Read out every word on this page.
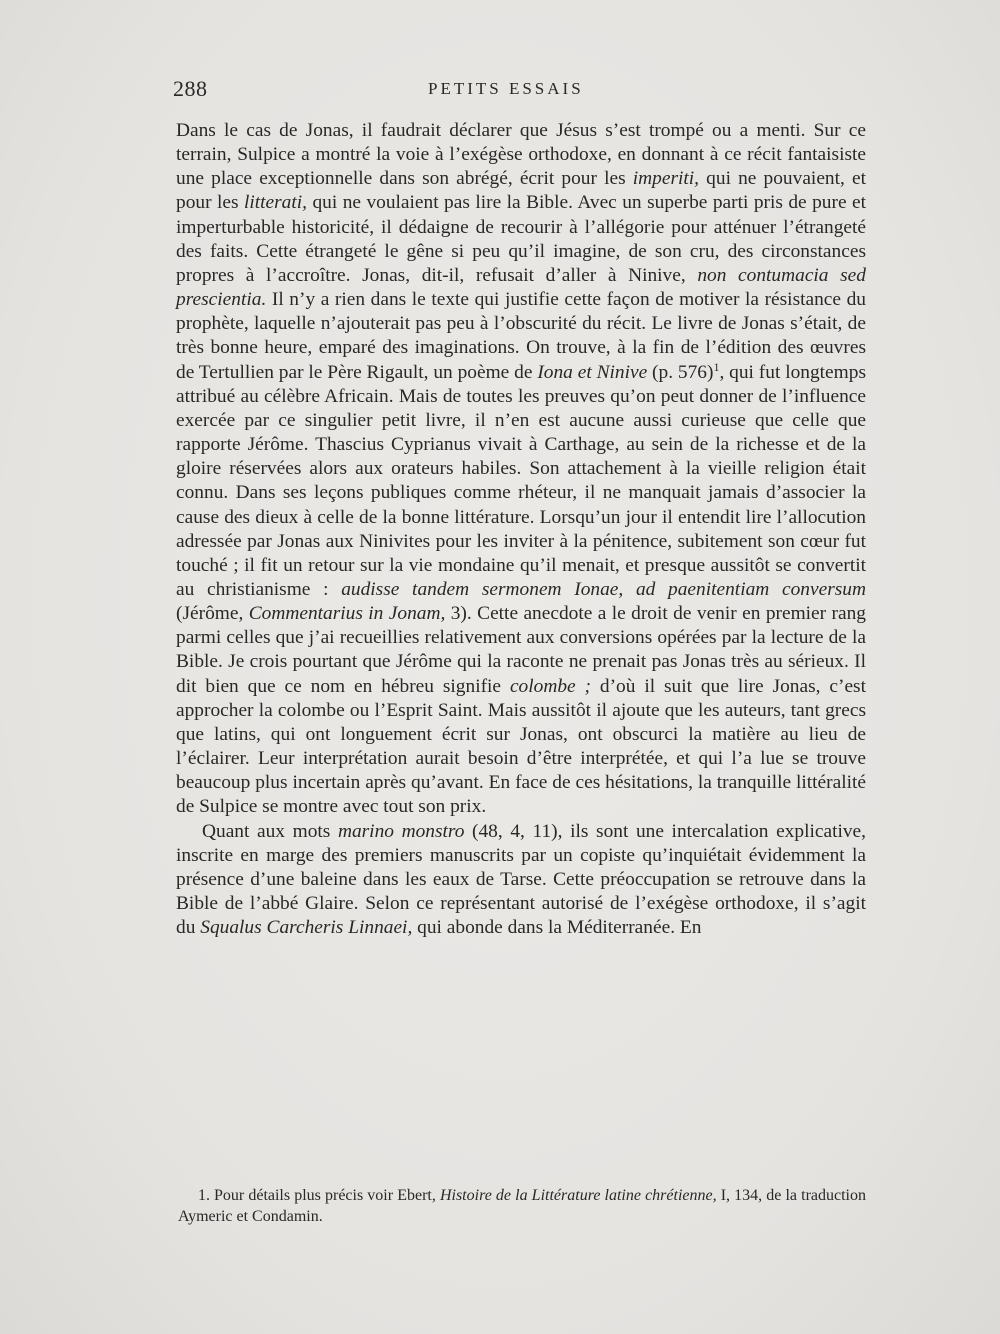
288	PETITS ESSAIS

Dans le cas de Jonas, il faudrait déclarer que Jésus s’est trompé ou a menti. Sur ce terrain, Sulpice a montré la voie à l’exégèse orthodoxe, en donnant à ce récit fantaisiste une place exceptionnelle dans son abrégé, écrit pour les imperiti, qui ne pouvaient, et pour les litterati, qui ne voulaient pas lire la Bible. Avec un superbe parti pris de pure et imperturbable historicité, il dédaigne de recourir à l’allégorie pour atténuer l’étrangeté des faits. Cette étrangeté le gêne si peu qu’il imagine, de son cru, des circonstances propres à l’accroître. Jonas, dit-il, refusait d’aller à Ninive, non contumacia sed prescientia. Il n’y a rien dans le texte qui justifie cette façon de motiver la résistance du prophète, laquelle n’ajouterait pas peu à l’obscurité du récit. Le livre de Jonas s’était, de très bonne heure, emparé des imaginations. On trouve, à la fin de l’édition des œuvres de Tertullien par le Père Rigault, un poème de Iona et Ninive (p. 576)$^1$, qui fut longtemps attribué au célèbre Africain. Mais de toutes les preuves qu’on peut donner de l’influence exercée par ce singulier petit livre, il n’en est aucune aussi curieuse que celle que rapporte Jérôme. Thascius Cyprianus vivait à Carthage, au sein de la richesse et de la gloire réservées alors aux orateurs habiles. Son attachement à la vieille religion était connu. Dans ses leçons publiques comme rhéteur, il ne manquait jamais d’associer la cause des dieux à celle de la bonne littérature. Lorsqu’un jour il entendit lire l’allocution adressée par Jonas aux Ninivites pour les inviter à la pénitence, subitement son cœur fut touché ; il fit un retour sur la vie mondaine qu’il menait, et presque aussitôt se convertit au christianisme : audisse tandem sermonem Ionae, ad paenitentiam conversum (Jérôme, Commentarius in Jonam, 3). Cette anecdote a le droit de venir en premier rang parmi celles que j’ai recueillies relativement aux conversions opérées par la lecture de la Bible. Je crois pourtant que Jérôme qui la raconte ne prenait pas Jonas très au sérieux. Il dit bien que ce nom en hébreu signifie colombe ; d’où il suit que lire Jonas, c’est approcher la colombe ou l’Esprit Saint. Mais aussitôt il ajoute que les auteurs, tant grecs que latins, qui ont longuement écrit sur Jonas, ont obscurci la matière au lieu de l’éclairer. Leur interprétation aurait besoin d’être interprétée, et qui l’a lue se trouve beaucoup plus incertain après qu’avant. En face de ces hésitations, la tranquille littéralité de Sulpice se montre avec tout son prix.

Quant aux mots marino monstro (48, 4, 11), ils sont une intercalation explicative, inscrite en marge des premiers manuscrits par un copiste qu’inquiétait évidemment la présence d’une baleine dans les eaux de Tarse. Cette préoccupation se retrouve dans la Bible de l’abbé Glaire. Selon ce représentant autorisé de l’exégèse orthodoxe, il s’agit du Squalus Carcheris Linnaei, qui abonde dans la Méditerranée. En

1. Pour détails plus précis voir Ebert, Histoire de la Littérature latine chrétienne, I, 134, de la traduction Aymeric et Condamin.
